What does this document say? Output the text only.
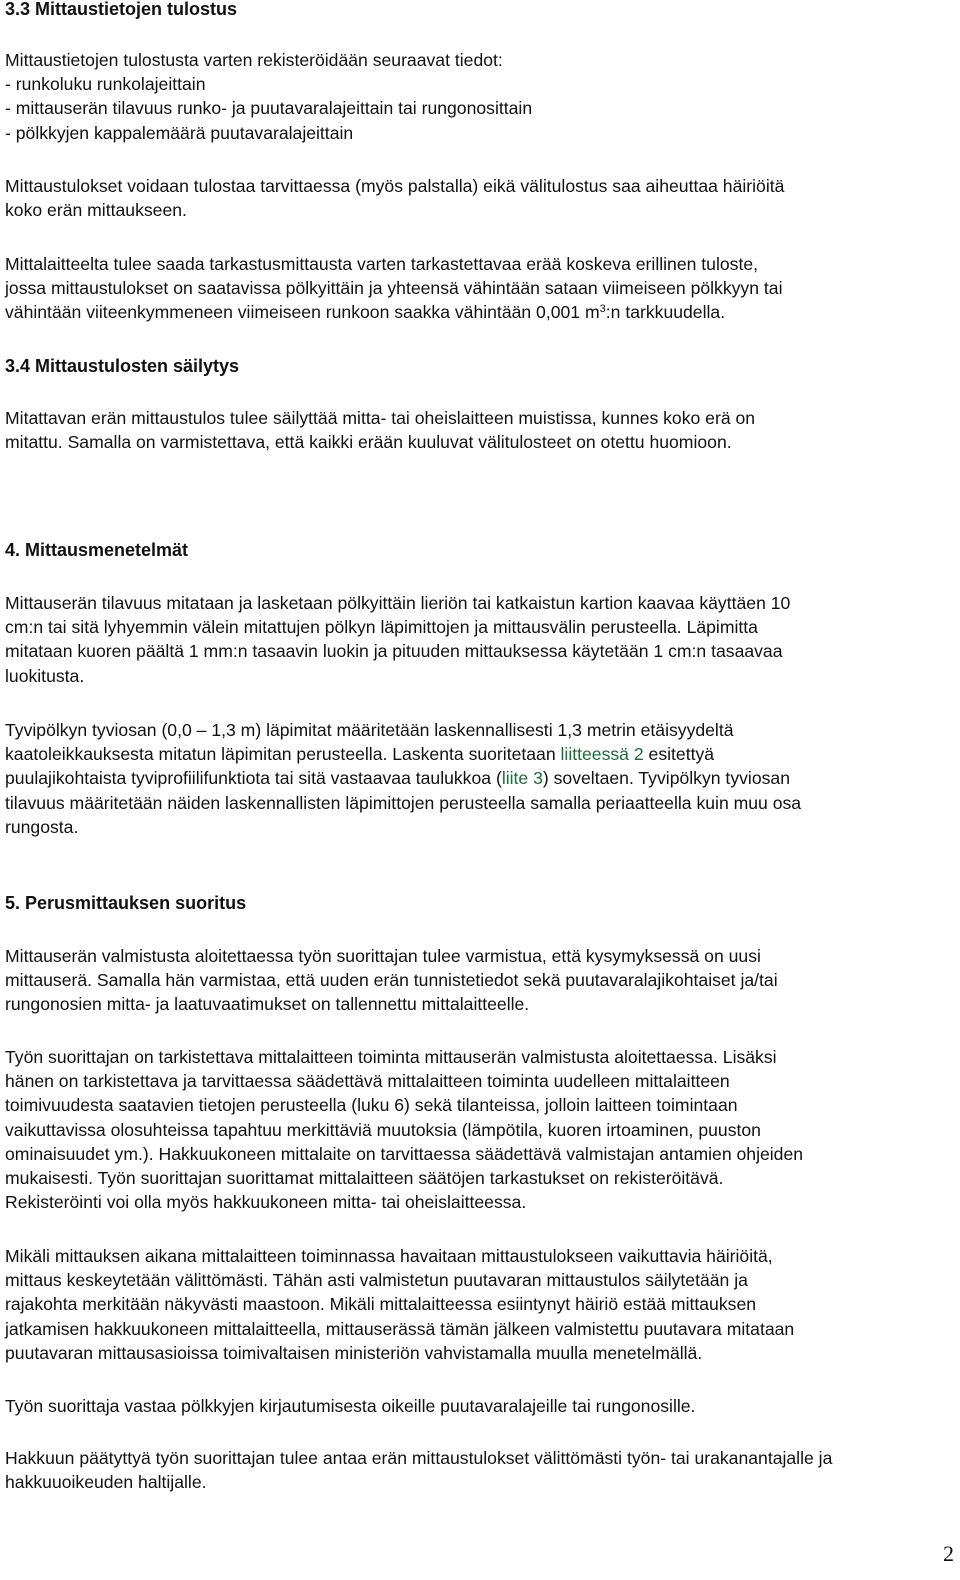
3.3 Mittaustietojen tulostus

Mittaustietojen tulostusta varten rekisteröidään seuraavat tiedot:
- runkoluku runkolajeittain
- mittauserän tilavuus runko- ja puutavaralajeittain tai rungonosittain
- pölkkyjen kappalemäärä puutavaralajeittain

Mittaustulokset voidaan tulostaa tarvittaessa (myös palstalla) eikä välitulostus saa aiheuttaa häiriöitä
koko erän mittaukseen.

Mittalaitteelta tulee saada tarkastusmittausta varten tarkastettavaa erää koskeva erillinen tuloste,
jossa mittaustulokset on saatavissa pölkyittäin ja yhteensä vähintään sataan viimeiseen pölkkyyn tai
vähintään viiteenkymmeneen viimeiseen runkoon saakka vähintään 0,001 $m^3:n$ tarkkuudella.

3.4 Mittaustulosten säilytys

Mitattavan erän mittaustulos tulee säilyttää mitta- tai oheislaitteen muistissa, kunnes koko erä on
mitattu. Samalla on varmistettava, että kaikki erään kuuluvat välitulosteet on otettu huomioon.

4. Mittausmenetelmät

Mittauserän tilavuus mitataan ja lasketaan pölkyittäin lieriön tai katkaistun kartion kaavaa käyttäen 10
cm:n tai sitä lyhyemmin välein mitattujen pölkyn läpimittojen ja mittausvälin perusteella. Läpimitta
mitataan kuoren päältä 1 mm:n tasaavin luokin ja pituuden mittauksessa käytetään 1 cm:n tasaavaa
luokitusta.

Tyvipölkyn tyviosan (0,0 – 1,3 m) läpimitat määritetään laskennallisesti 1,3 metrin etäisyydeltä
kaatoleikkauksesta mitatun läpimitan perusteella. Laskenta suoritetaan liitteessä 2 esitettyä
puulajikohtaista tyviprofiilifunktiota tai sitä vastaavaa taulukkoa (liite 3) soveltaen. Tyvipölkyn tyviosan
tilavuus määritetään näiden laskennallisten läpimittojen perusteella samalla periaatteella kuin muu osa
rungosta.

5. Perusmittauksen suoritus

Mittauserän valmistusta aloitettaessa työn suorittajan tulee varmistua, että kysymyksessä on uusi
mittauserä. Samalla hän varmistaa, että uuden erän tunnistetiedot sekä puutavaralajikohtaiset ja/tai
rungonosien mitta- ja laatuvaatimukset on tallennettu mittalaitteelle.

Työn suorittajan on tarkistettava mittalaitteen toiminta mittauserän valmistusta aloitettaessa. Lisäksi
hänen on tarkistettava ja tarvittaessa säädettävä mittalaitteen toiminta uudelleen mittalaitteen
toimivuudesta saatavien tietojen perusteella (luku 6) sekä tilanteissa, jolloin laitteen toimintaan
vaikuttavissa olosuhteissa tapahtuu merkittäviä muutoksia (lämpötila, kuoren irtoaminen, puuston
ominaisuudet ym.). Hakkuukoneen mittalaite on tarvittaessa säädettävä valmistajan antamien ohjeiden
mukaisesti. Työn suorittajan suorittamat mittalaitteen säätöjen tarkastukset on rekisteröitävä.
Rekisteröinti voi olla myös hakkuukoneen mitta- tai oheislaitteessa.

Mikäli mittauksen aikana mittalaitteen toiminnassa havaitaan mittaustulokseen vaikuttavia häiriöitä,
mittaus keskeytetään välittömästi. Tähän asti valmistetun puutavaran mittaustulos säilytetään ja
rajakohta merkitään näkyvästi maastoon. Mikäli mittalaitteessa esiintynyt häiriö estää mittauksen
jatkamisen hakkuukoneen mittalaitteella, mittauserässä tämän jälkeen valmistettu puutavara mitataan
puutavaran mittausasioissa toimivaltaisen ministeriön vahvistamalla muulla menetelmällä.

Työn suorittaja vastaa pölkkyjen kirjautumisesta oikeille puutavaralajeille tai rungonosille.

Hakkuun päätyttyä työn suorittajan tulee antaa erän mittaustulokset välittömästi työn- tai urakanantajalle ja
hakkuuoikeuden haltijalle.

2
